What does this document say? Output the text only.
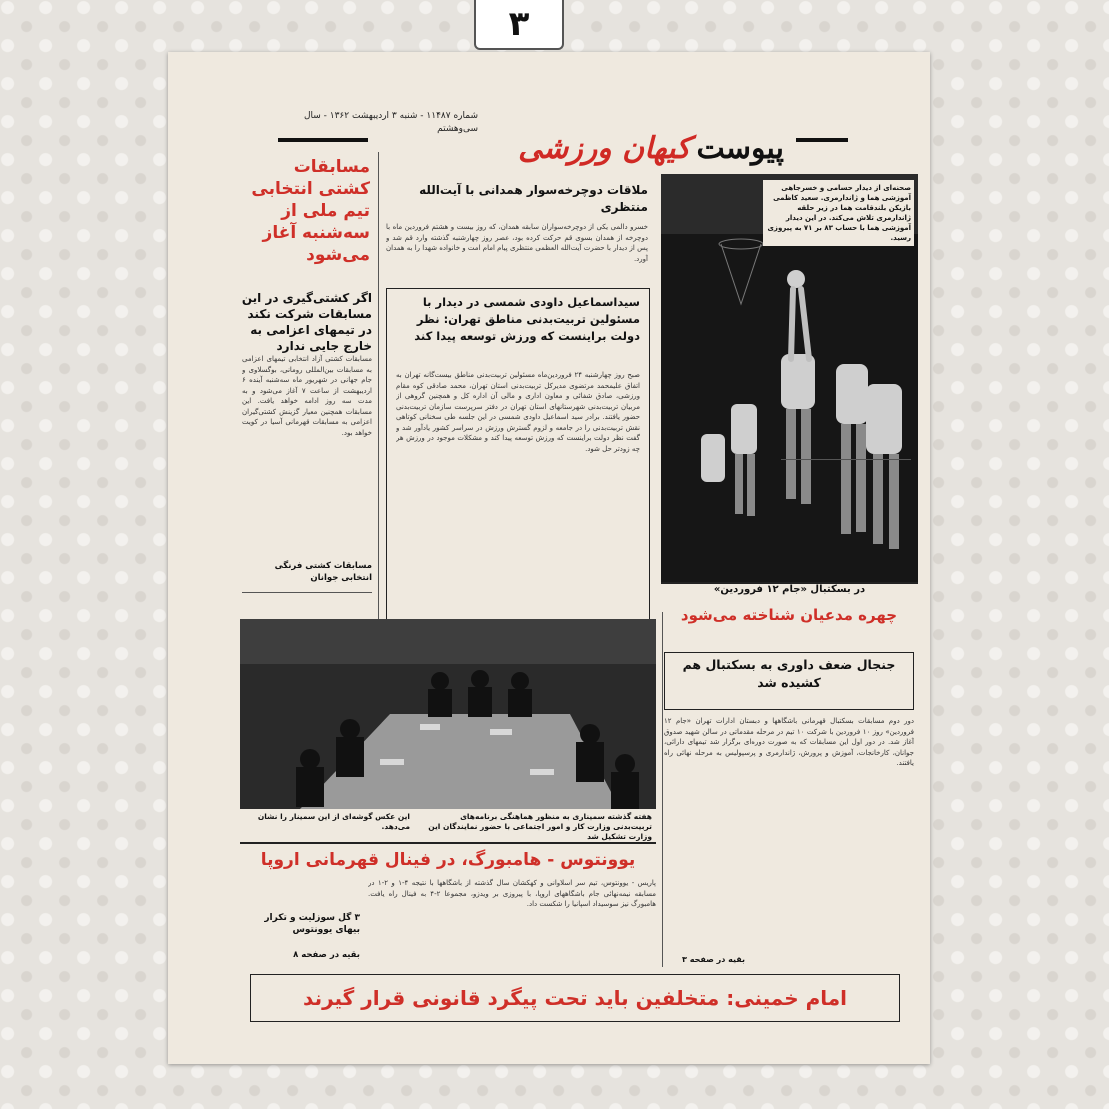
۳
پیوست
کیهان ورزشی
شماره ۱۱۴۸۷ - شنبه ۳ اردیبهشت ۱۳۶۲ - سال سی‌وهشتم
صحنه‌ای از دیدار حسامی و خسرجاهی آموزشی هما و ژاندارمری. سعید کاظمی بازیکن بلند‌قامت هما در زیر حلقه ژاندارمری تلاش می‌کند. در این دیدار آموزشی هما با حساب ۸۳ بر ۷۱ به پیروزی رسید.
در بسکتبال «جام ۱۲ فروردین»
مسابقات کشتی انتخابی تیم ملی از سه‌شنبه آغاز می‌شود
اگر کشتی‌گیری در این مسابقات شرکت نکند در تیمهای اعزامی به خارج جایی ندارد
مسابقات کشتی آزاد انتخابی تیمهای اعزامی به مسابقات بین‌المللی رومانی، بوگسلاوی و جام جهانی در شهریور ماه سه‌شنبه آینده ۶ اردیبهشت از ساعت ۷ آغاز می‌شود و به مدت سه روز ادامه خواهد یافت. این مسابقات همچنین معیار گزینش کشتی‌گیران اعزامی به مسابقات قهرمانی آسیا در کویت خواهد بود.
مسابقات کشتی فرنگی انتخابی جوانان
ملاقات دوچرخه‌سوار همدانی با آیت‌الله منتظری
خسرو دالمی یکی از دوچرخه‌سواران سابقه همدان، که روز بیست و هشتم فروردین ماه با دوچرخه از همدان بسوی قم حرکت کرده بود، عصر روز چهارشنبه گذشته وارد قم شد و پس از دیدار با حضرت آیت‌الله العظمی منتظری پیام امام امت و خانواده شهدا را به همدان آورد.
سیداسماعیل داودی شمسی در دیدار با مسئولین تربیت‌بدنی مناطق تهران: نظر دولت براینست که ورزش توسعه پیدا کند
صبح روز چهارشنبه ۲۴ فروردین‌ماه مسئولین تربیت‌بدنی مناطق بیست‌گانه تهران به اتفاق علیمحمد مرتضوی مدیرکل تربیت‌بدنی استان تهران، محمد صادقی کوه مقام ورزشی، صادق شفائی و معاون اداری و مالی آن اداره کل و همچنین گروهی از مربیان تربیت‌بدنی شهرستانهای استان تهران در دفتر سرپرست سازمان تربیت‌بدنی حضور یافتند. برادر سید اسماعیل داودی شمسی در این جلسه طی سخنانی کوتاهی نقش تربیت‌بدنی را در جامعه و لزوم گسترش ورزش در سراسر کشور یادآور شد و گفت نظر دولت براینست که ورزش توسعه پیدا کند و مشکلات موجود در ورزش هر چه زودتر حل شود.
هفته گذشته سمیناری به منظور هماهنگی برنامه‌های تربیت‌بدنی وزارت کار و امور اجتماعی با حضور نمایندگان این وزارت تشکیل شد
این عکس گوشه‌ای از این سمینار را نشان می‌دهد.
چهره مدعیان شناخته می‌شود
جنجال ضعف داوری به بسکتبال هم کشیده شد
دور دوم مسابقات بسکتبال قهرمانی باشگاهها و دبستان ادارات تهران «جام ۱۲ فروردین» روز ۱۰ فروردین با شرکت ۱۰ تیم در مرحله مقدماتی در سالن شهید صدوق آغاز شد. در دور اول این مسابقات که به صورت دوره‌ای برگزار شد تیمهای دارائی، جوانان، کارخانجات، آموزش و پرورش، ژاندارمری و پرسپولیس به مرحله نهائی راه یافتند.
بقیه در صفحه ۳
یوونتوس - هامبورگ، در فینال قهرمانی اروپا
پاریس - یوونتوس، تیم سر اسلاوانی و کهکشان سال گذشته از باشگاهها با نتیجه ۴-۱ و ۲-۱ در مسابقه نیمه‌نهائی جام باشگاههای اروپا، با پیروزی بر ویدزو، مجموعا ۲-۴ به فینال راه یافت. هامبورگ نیز سوسیداد اسپانیا را شکست داد.
۳ گل سوزلیت و تکرار بیهای یوونتوس
بقیه در صفحه ۸
امام خمینی: متخلفین باید تحت پیگرد قانونی قرار گیرند
